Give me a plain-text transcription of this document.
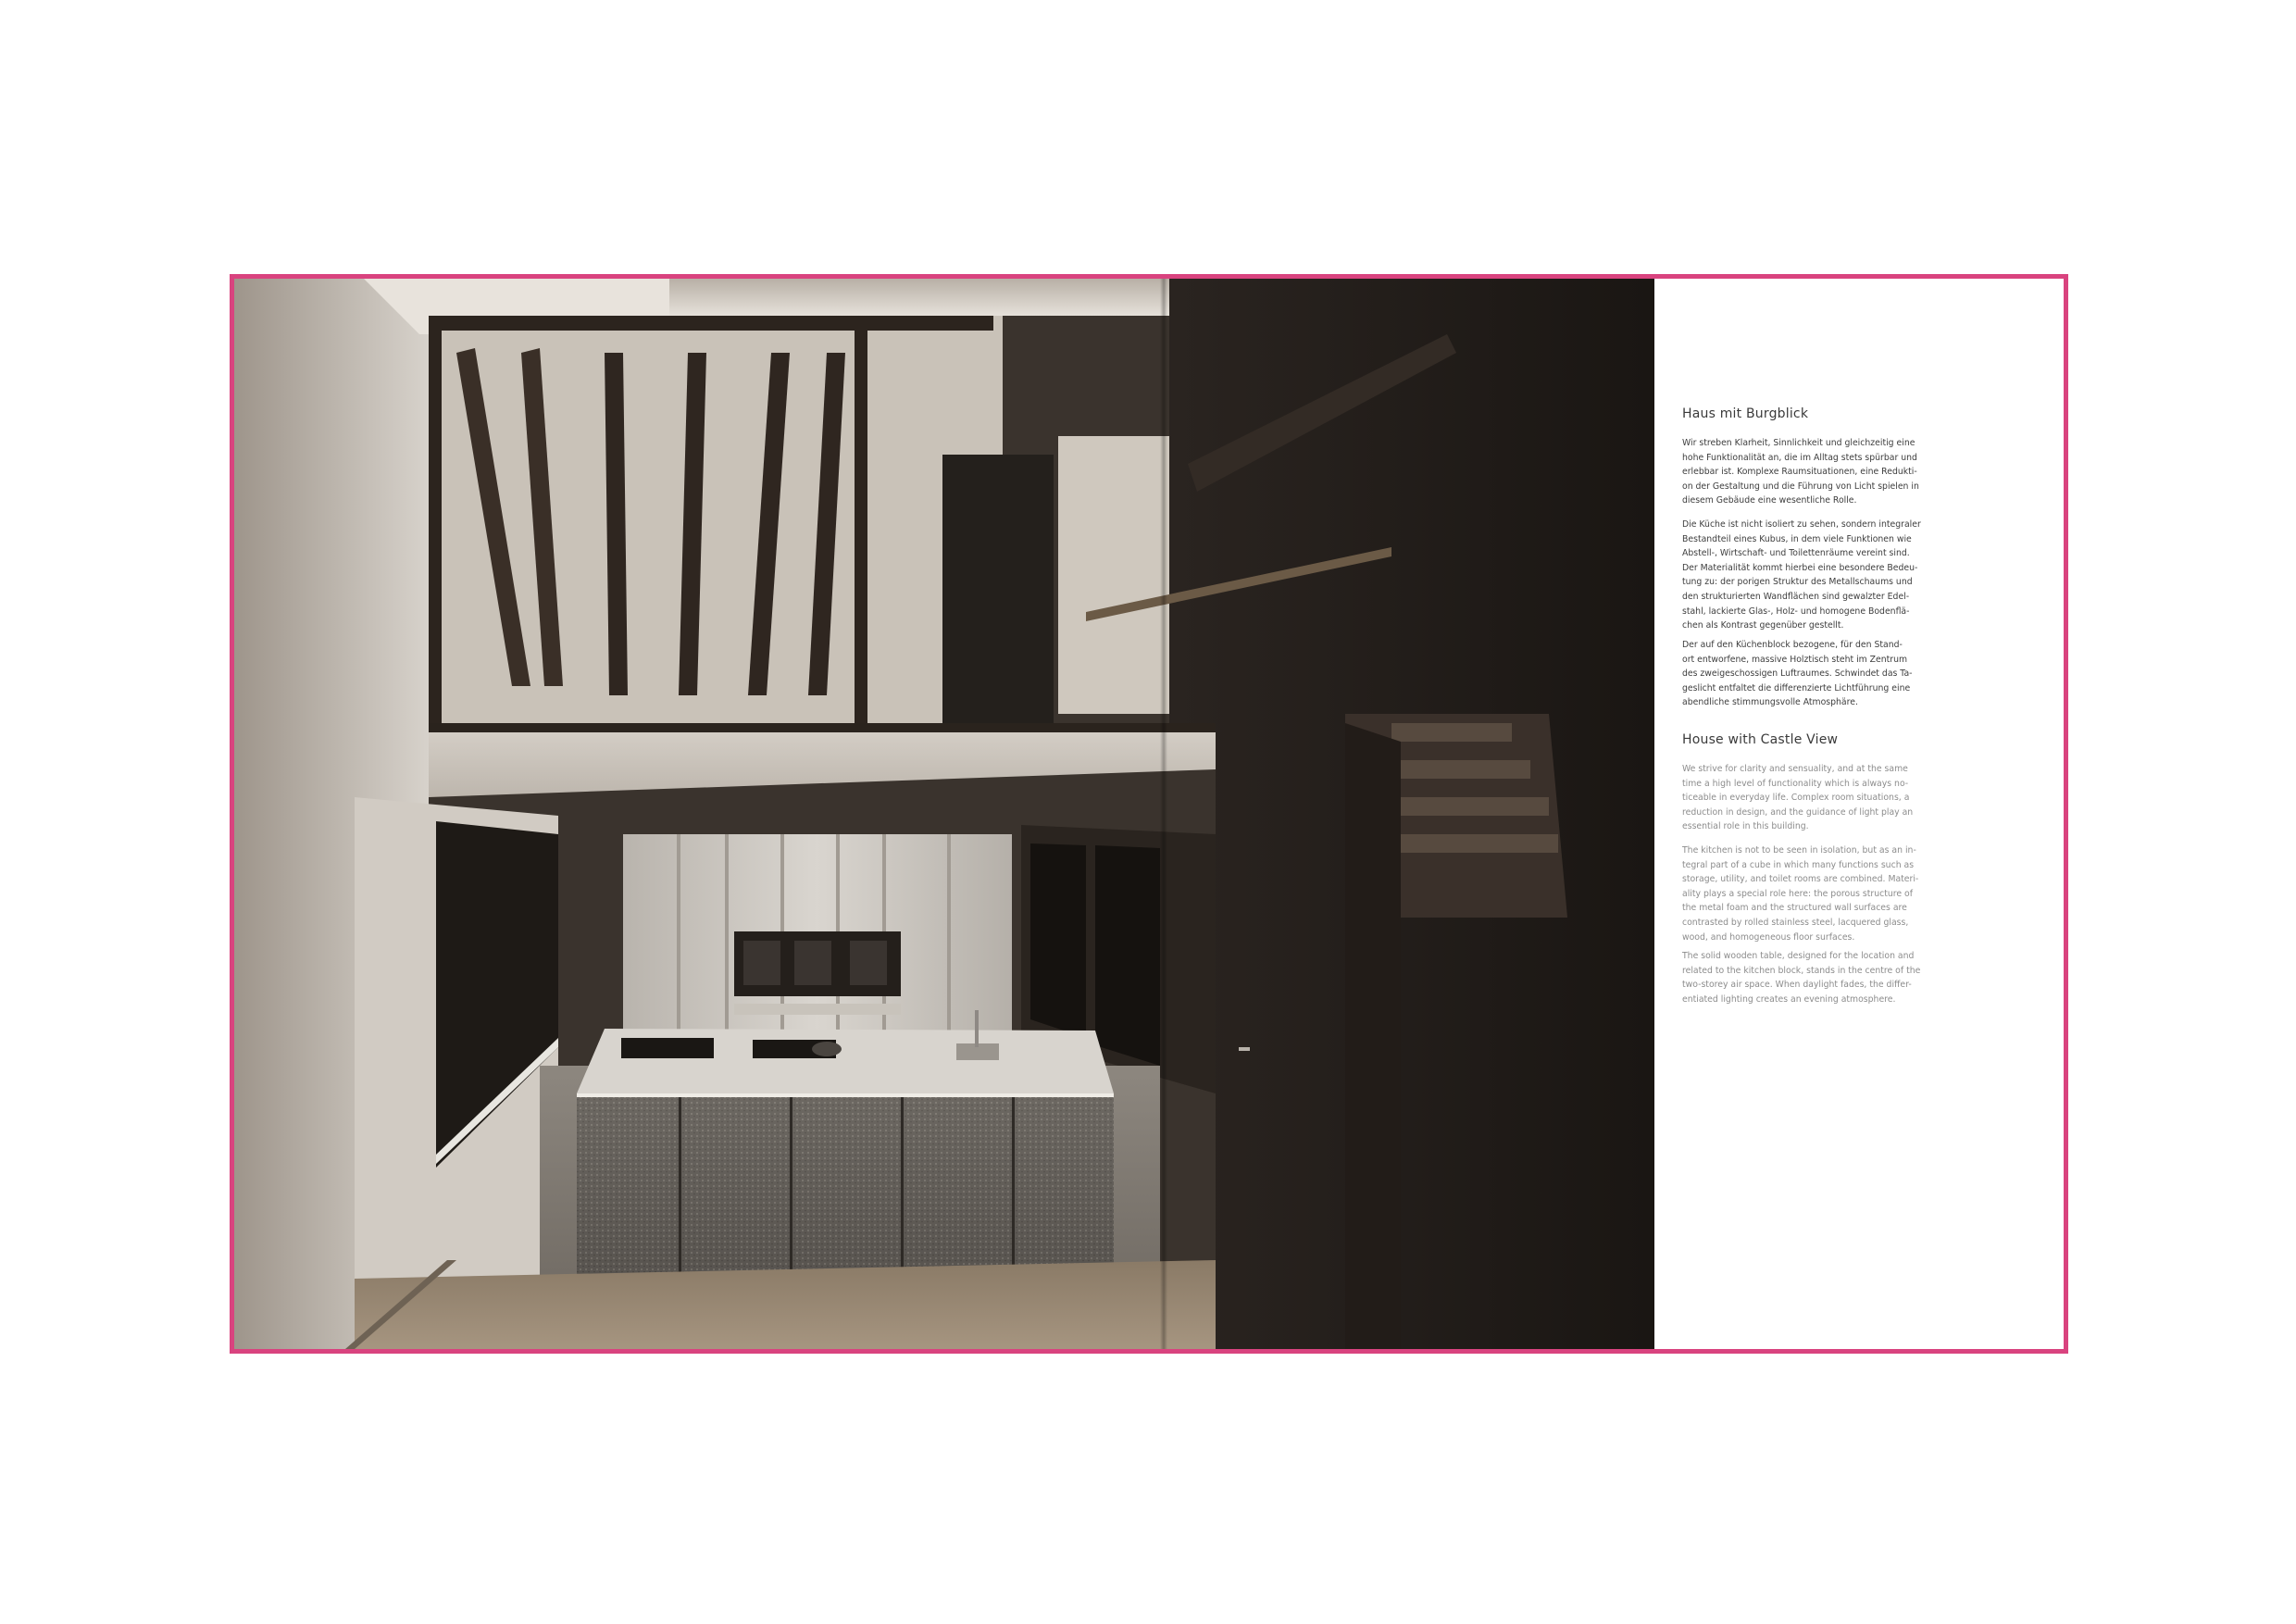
Haus mit Burgblick

Wir streben Klarheit, Sinnlichkeit und gleichzeitig eine
hohe Funktionalität an, die im Alltag stets spürbar und
erlebbar ist. Komplexe Raumsituationen, eine Redukti-
on der Gestaltung und die Führung von Licht spielen in
diesem Gebäude eine wesentliche Rolle.

Die Küche ist nicht isoliert zu sehen, sondern integraler
Bestandteil eines Kubus, in dem viele Funktionen wie
Abstell-, Wirtschaft- und Toilettenräume vereint sind.
Der Materialität kommt hierbei eine besondere Bedeu-
tung zu: der porigen Struktur des Metallschaums und
den strukturierten Wandflächen sind gewalzter Edel-
stahl, lackierte Glas-, Holz- und homogene Bodenflä-
chen als Kontrast gegenüber gestellt.

Der auf den Küchenblock bezogene, für den Stand-
ort entworfene, massive Holztisch steht im Zentrum
des zweigeschossigen Luftraumes. Schwindet das Ta-
geslicht entfaltet die differenzierte Lichtführung eine
abendliche stimmungsvolle Atmosphäre.

House with Castle View

We strive for clarity and sensuality, and at the same
time a high level of functionality which is always no-
ticeable in everyday life. Complex room situations, a
reduction in design, and the guidance of light play an
essential role in this building.

The kitchen is not to be seen in isolation, but as an in-
tegral part of a cube in which many functions such as
storage, utility, and toilet rooms are combined. Materi-
ality plays a special role here: the porous structure of
the metal foam and the structured wall surfaces are
contrasted by rolled stainless steel, lacquered glass,
wood, and homogeneous floor surfaces.

The solid wooden table, designed for the location and
related to the kitchen block, stands in the centre of the
two-storey air space. When daylight fades, the differ-
entiated lighting creates an evening atmosphere.
